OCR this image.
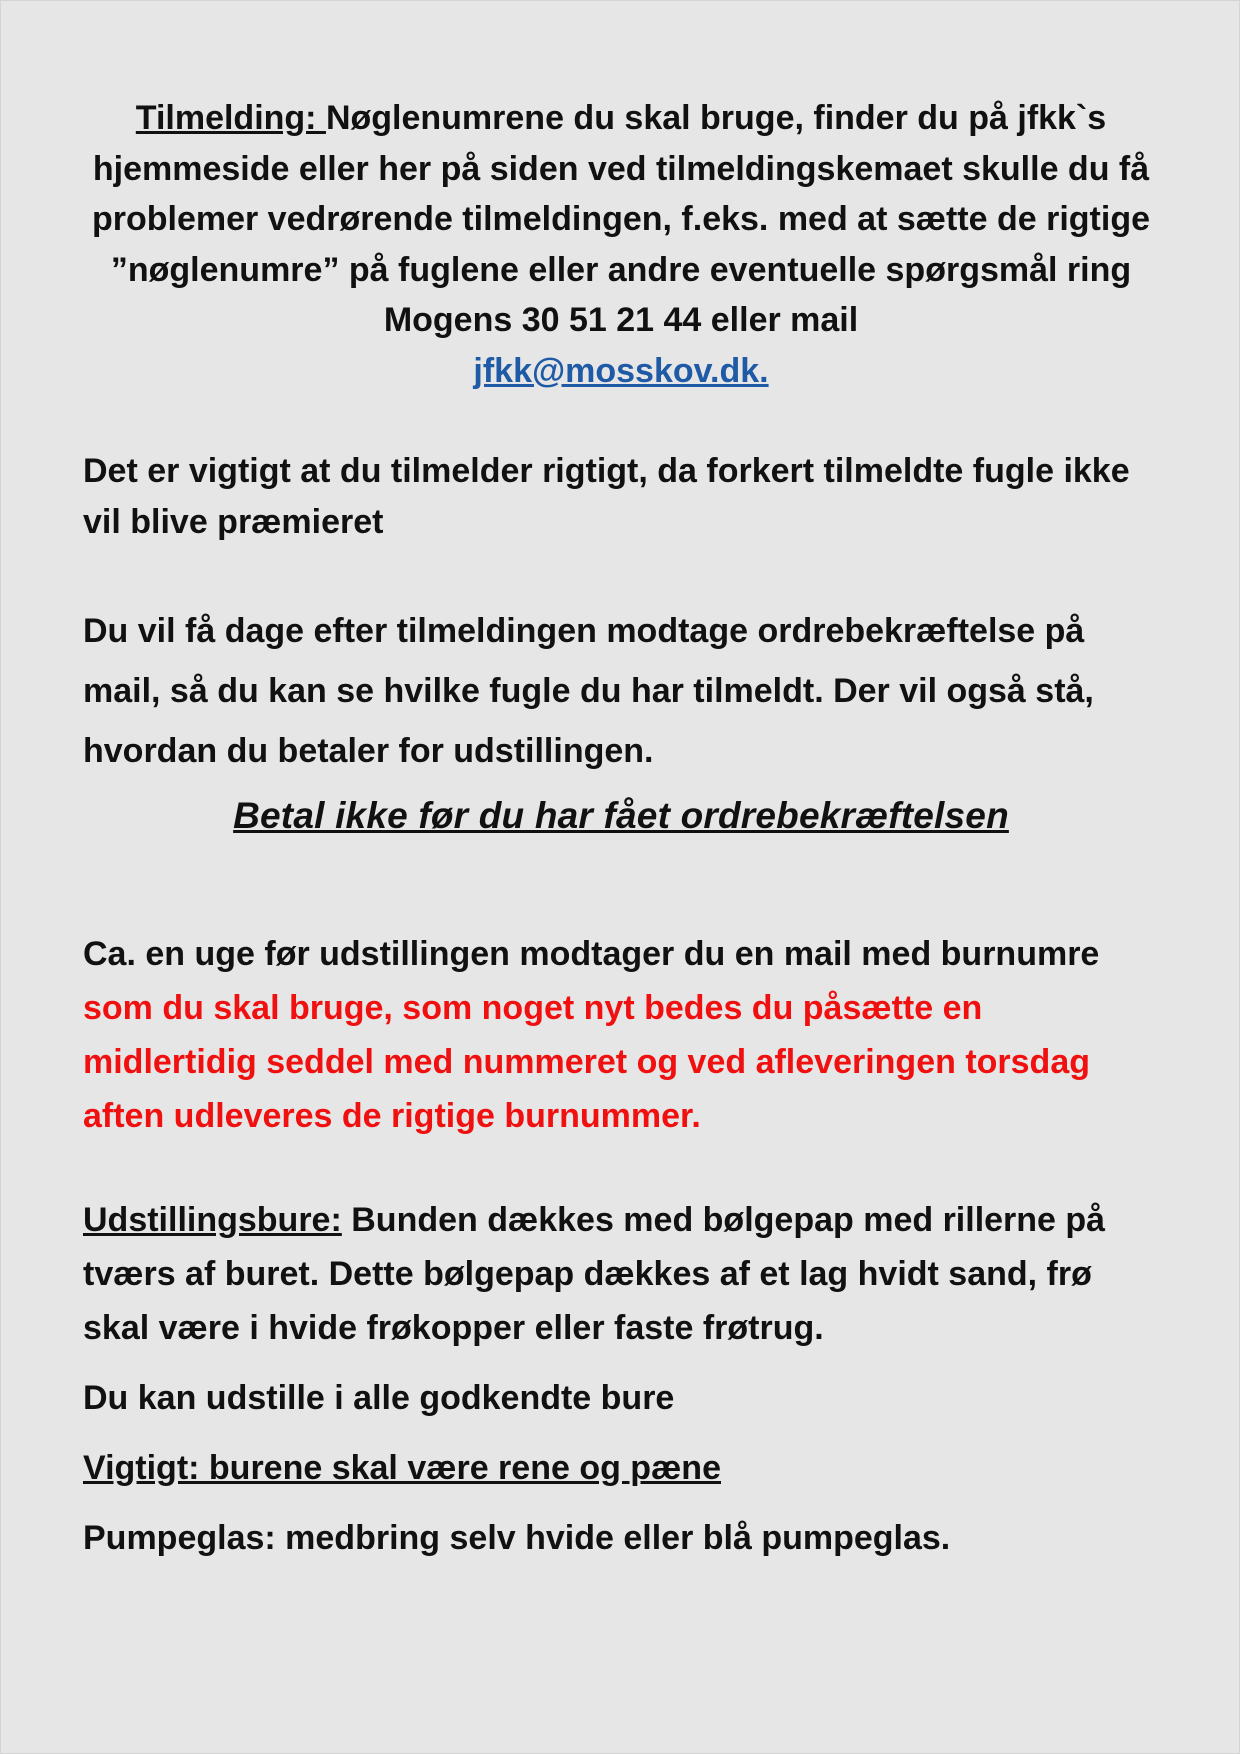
Tilmelding: Nøglenumrene du skal bruge, finder du på jfkk`s hjemmeside eller her på siden ved tilmeldingskemaet skulle du få problemer vedrørende tilmeldingen, f.eks. med at sætte de rigtige ”nøglenumre” på fuglene eller andre eventuelle spørgsmål ring Mogens 30 51 21 44 eller mail
jfkk@mosskov.dk.

Det er vigtigt at du tilmelder rigtigt, da forkert tilmeldte fugle ikke vil blive præmieret

Du vil få dage efter tilmeldingen modtage ordrebekræftelse på mail, så du kan se hvilke fugle du har tilmeldt. Der vil også stå, hvordan du betaler for udstillingen.

Betal ikke før du har fået ordrebekræftelsen

Ca. en uge før udstillingen modtager du en mail med burnumre som du skal bruge, som noget nyt bedes du påsætte en midlertidig seddel med nummeret og ved afleveringen torsdag aften udleveres de rigtige burnummer.

Udstillingsbure: Bunden dækkes med bølgepap med rillerne på tværs af buret. Dette bølgepap dækkes af et lag hvidt sand, frø skal være i hvide frøkopper eller faste frøtrug.

Du kan udstille i alle godkendte bure

Vigtigt: burene skal være rene og pæne

Pumpeglas: medbring selv hvide eller blå pumpeglas.
